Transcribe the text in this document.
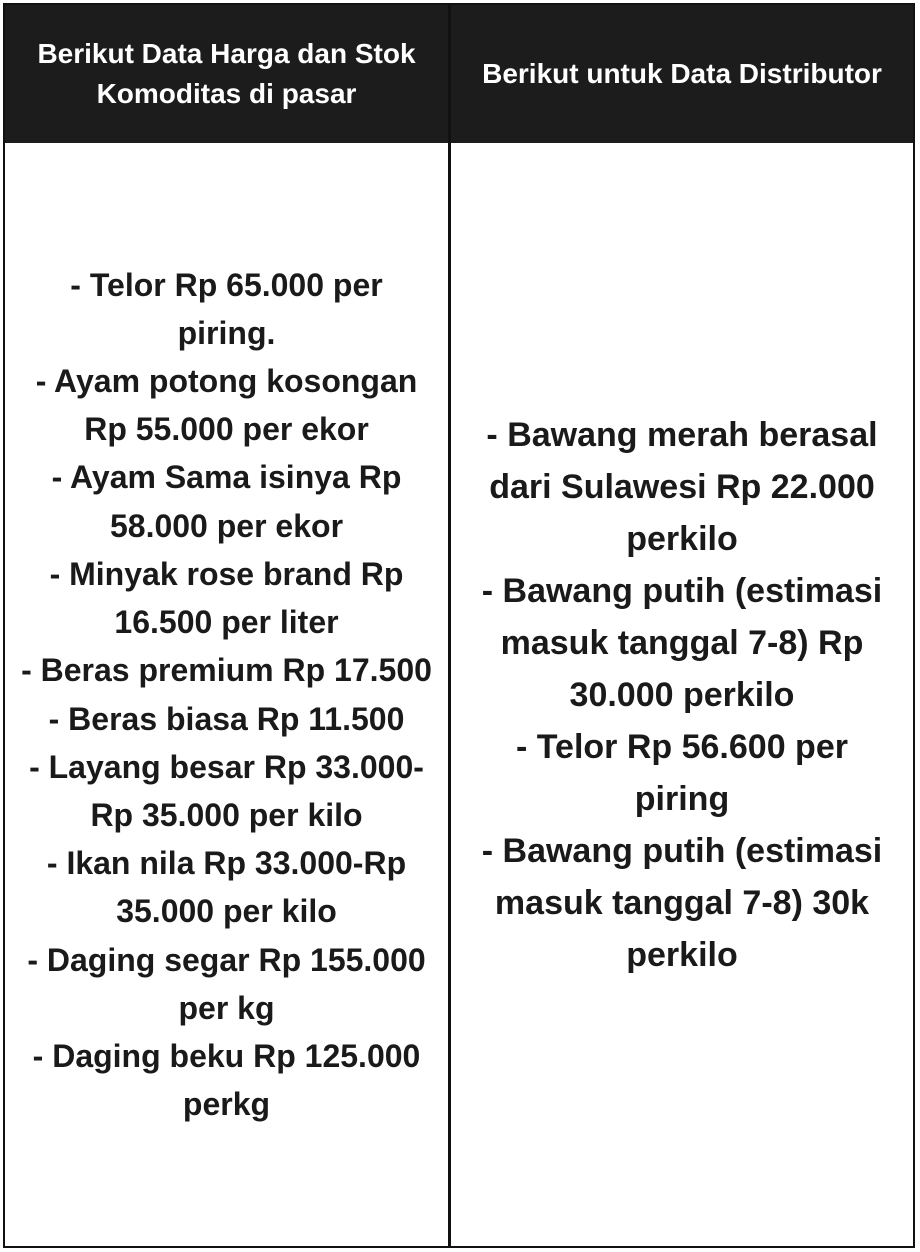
Berikut Data Harga dan Stok Komoditas di pasar
Berikut untuk Data Distributor
- Telor Rp 65.000 per piring.
- Ayam potong kosongan Rp 55.000 per ekor
- Ayam Sama isinya Rp 58.000 per ekor
- Minyak rose brand Rp 16.500 per liter
- Beras premium Rp 17.500
- Beras biasa Rp 11.500
- Layang besar Rp 33.000-Rp 35.000 per kilo
- Ikan nila Rp 33.000-Rp 35.000 per kilo
- Daging segar Rp 155.000 per kg
- Daging beku Rp 125.000 perkg
- Bawang merah berasal dari Sulawesi Rp 22.000 perkilo
- Bawang putih (estimasi masuk tanggal 7-8) Rp 30.000 perkilo
- Telor Rp 56.600 per piring
- Bawang putih (estimasi masuk tanggal 7-8) 30k perkilo
